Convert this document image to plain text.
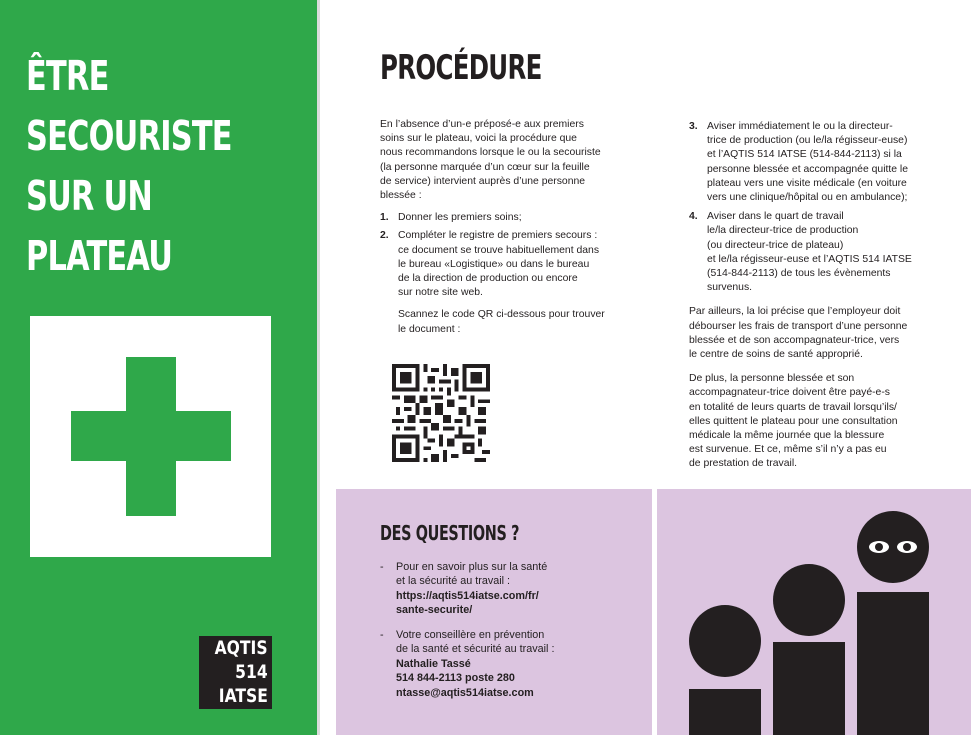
ÊTRE
SECOURISTE
SUR UN
PLATEAU
AQTIS
514
IATSE
PROCÉDURE
En l’absence d’un-e préposé-e aux premiers
soins sur le plateau, voici la procédure que
nous recommandons lorsque le ou la secouriste
(la personne marquée d’un cœur sur la feuille
de service) intervient auprès d’une personne
blessée :
1. Donner les premiers soins;
2. Compléter le registre de premiers secours :
ce document se trouve habituellement dans
le bureau «Logistique» ou dans le bureau
de la direction de production ou encore
sur notre site web.
Scannez le code QR ci-dessous pour trouver
le document :
3. Aviser immédiatement le ou la directeur-
trice de production (ou le/la régisseur-euse)
et l’AQTIS 514 IATSE (514-844-2113) si la
personne blessée et accompagnée quitte le
plateau vers une visite médicale (en voiture
vers une clinique/hôpital ou en ambulance);
4. Aviser dans le quart de travail
le/la directeur-trice de production
(ou directeur-trice de plateau)
et le/la régisseur-euse et l’AQTIS 514 IATSE
(514-844-2113) de tous les évènements
survenus.
Par ailleurs, la loi précise que l’employeur doit
débourser les frais de transport d’une personne
blessée et de son accompagnateur-trice, vers
le centre de soins de santé approprié.
De plus, la personne blessée et son
accompagnateur-trice doivent être payé-e-s
en totalité de leurs quarts de travail lorsqu’ils/
elles quittent le plateau pour une consultation
médicale la même journée que la blessure
est survenue. Et ce, même s’il n’y a pas eu
de prestation de travail.
DES QUESTIONS ?
- Pour en savoir plus sur la santé
et la sécurité au travail :
https://aqtis514iatse.com/fr/
sante-securite/
- Votre conseillère en prévention
de la santé et sécurité au travail :
Nathalie Tassé
514 844-2113 poste 280
ntasse@aqtis514iatse.com
